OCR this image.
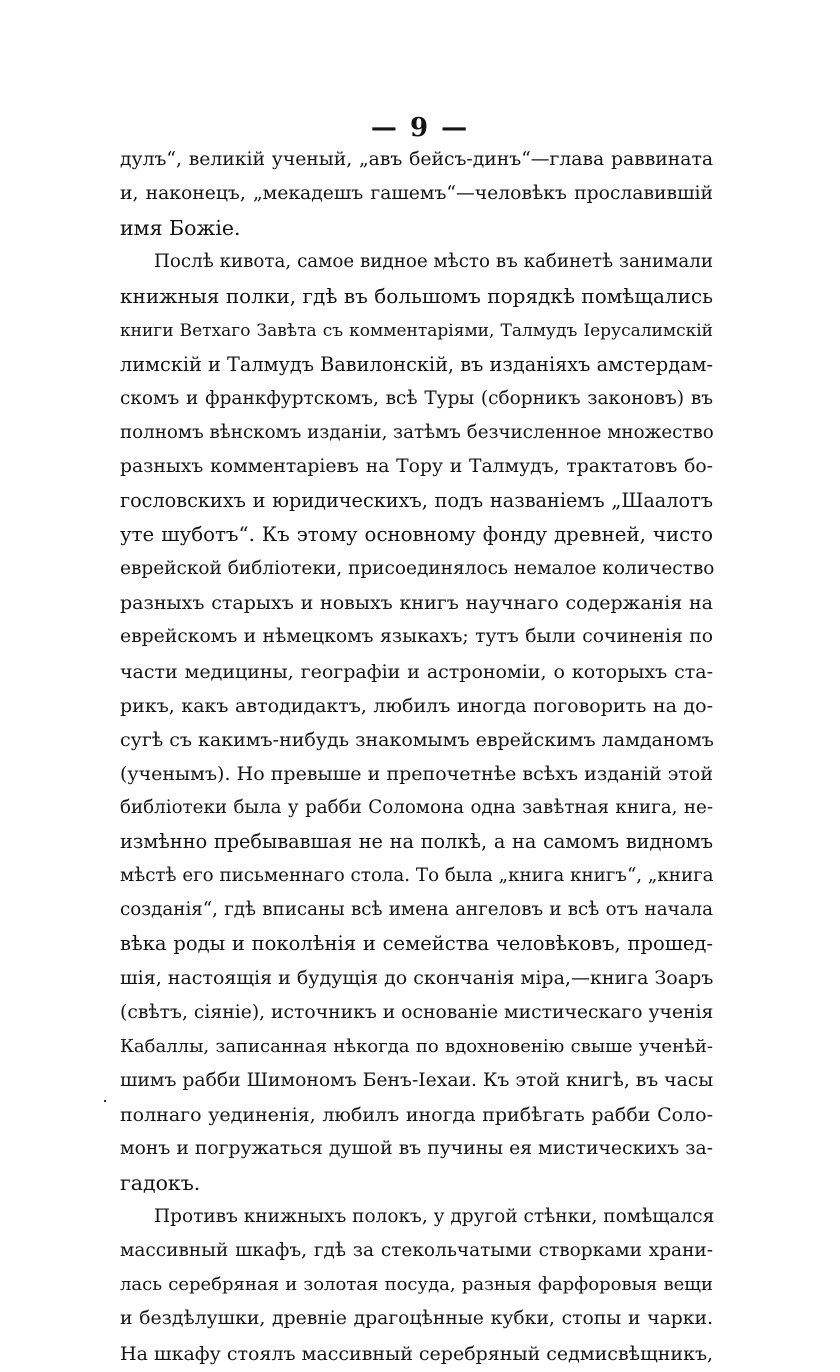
— 9 —
дулъ“, великій ученый, „авъ бейсъ-динъ“—глава раввината
и, наконецъ, „мекадешъ гашемъ“—человѣкъ прославившій
имя Божіе.
Послѣ кивота, самое видное мѣсто въ кабинетѣ занимали
книжныя полки, гдѣ въ большомъ порядкѣ помѣщались
книги Ветхаго Завѣта съ комментаріями, Талмудъ Іерусалимскій
лимскій и Талмудъ Вавилонскій, въ изданіяхъ амстердам-
скомъ и франкфуртскомъ, всѣ Туры (сборникъ законовъ) въ
полномъ вѣнскомъ изданіи, затѣмъ безчисленное множество
разныхъ комментаріевъ на Тору и Талмудъ, трактатовъ бо-
гословскихъ и юридическихъ, подъ названіемъ „Шаалотъ
уте шуботъ“. Къ этому основному фонду древней, чисто
еврейской библіотеки, присоединялось немалое количество
разныхъ старыхъ и новыхъ книгъ научнаго содержанія на
еврейскомъ и нѣмецкомъ языкахъ; тутъ были сочиненія по
части медицины, географіи и астрономіи, о которыхъ ста-
рикъ, какъ автодидактъ, любилъ иногда поговорить на до-
сугѣ съ какимъ-нибудь знакомымъ еврейскимъ ламданомъ
(ученымъ). Но превыше и препочетнѣе всѣхъ изданій этой
библіотеки была у рабби Соломона одна завѣтная книга, не-
измѣнно пребывавшая не на полкѣ, а на самомъ видномъ
мѣстѣ его письменнаго стола. То была „книга книгъ“, „книга
созданія“, гдѣ вписаны всѣ имена ангеловъ и всѣ отъ начала
вѣка роды и поколѣнія и семейства человѣковъ, прошед-
шія, настоящія и будущія до скончанія міра,—книга Зоаръ
(свѣтъ, сіяніе), источникъ и основаніе мистическаго ученія
Кабаллы, записанная нѣкогда по вдохновенію свыше ученѣй-
шимъ рабби Шимономъ Бенъ-Іехаи. Къ этой книгѣ, въ часы
полнаго уединенія, любилъ иногда прибѣгать рабби Соло-
монъ и погружаться душой въ пучины ея мистическихъ за-
гадокъ.
Противъ книжныхъ полокъ, у другой стѣнки, помѣщался
массивный шкафъ, гдѣ за стекольчатыми створками храни-
лась серебряная и золотая посуда, разныя фарфоровыя вещи
и бездѣлушки, древніе драгоцѣнные кубки, стопы и чарки.
На шкафу стоялъ массивный серебряный седмисвѣщникъ,
